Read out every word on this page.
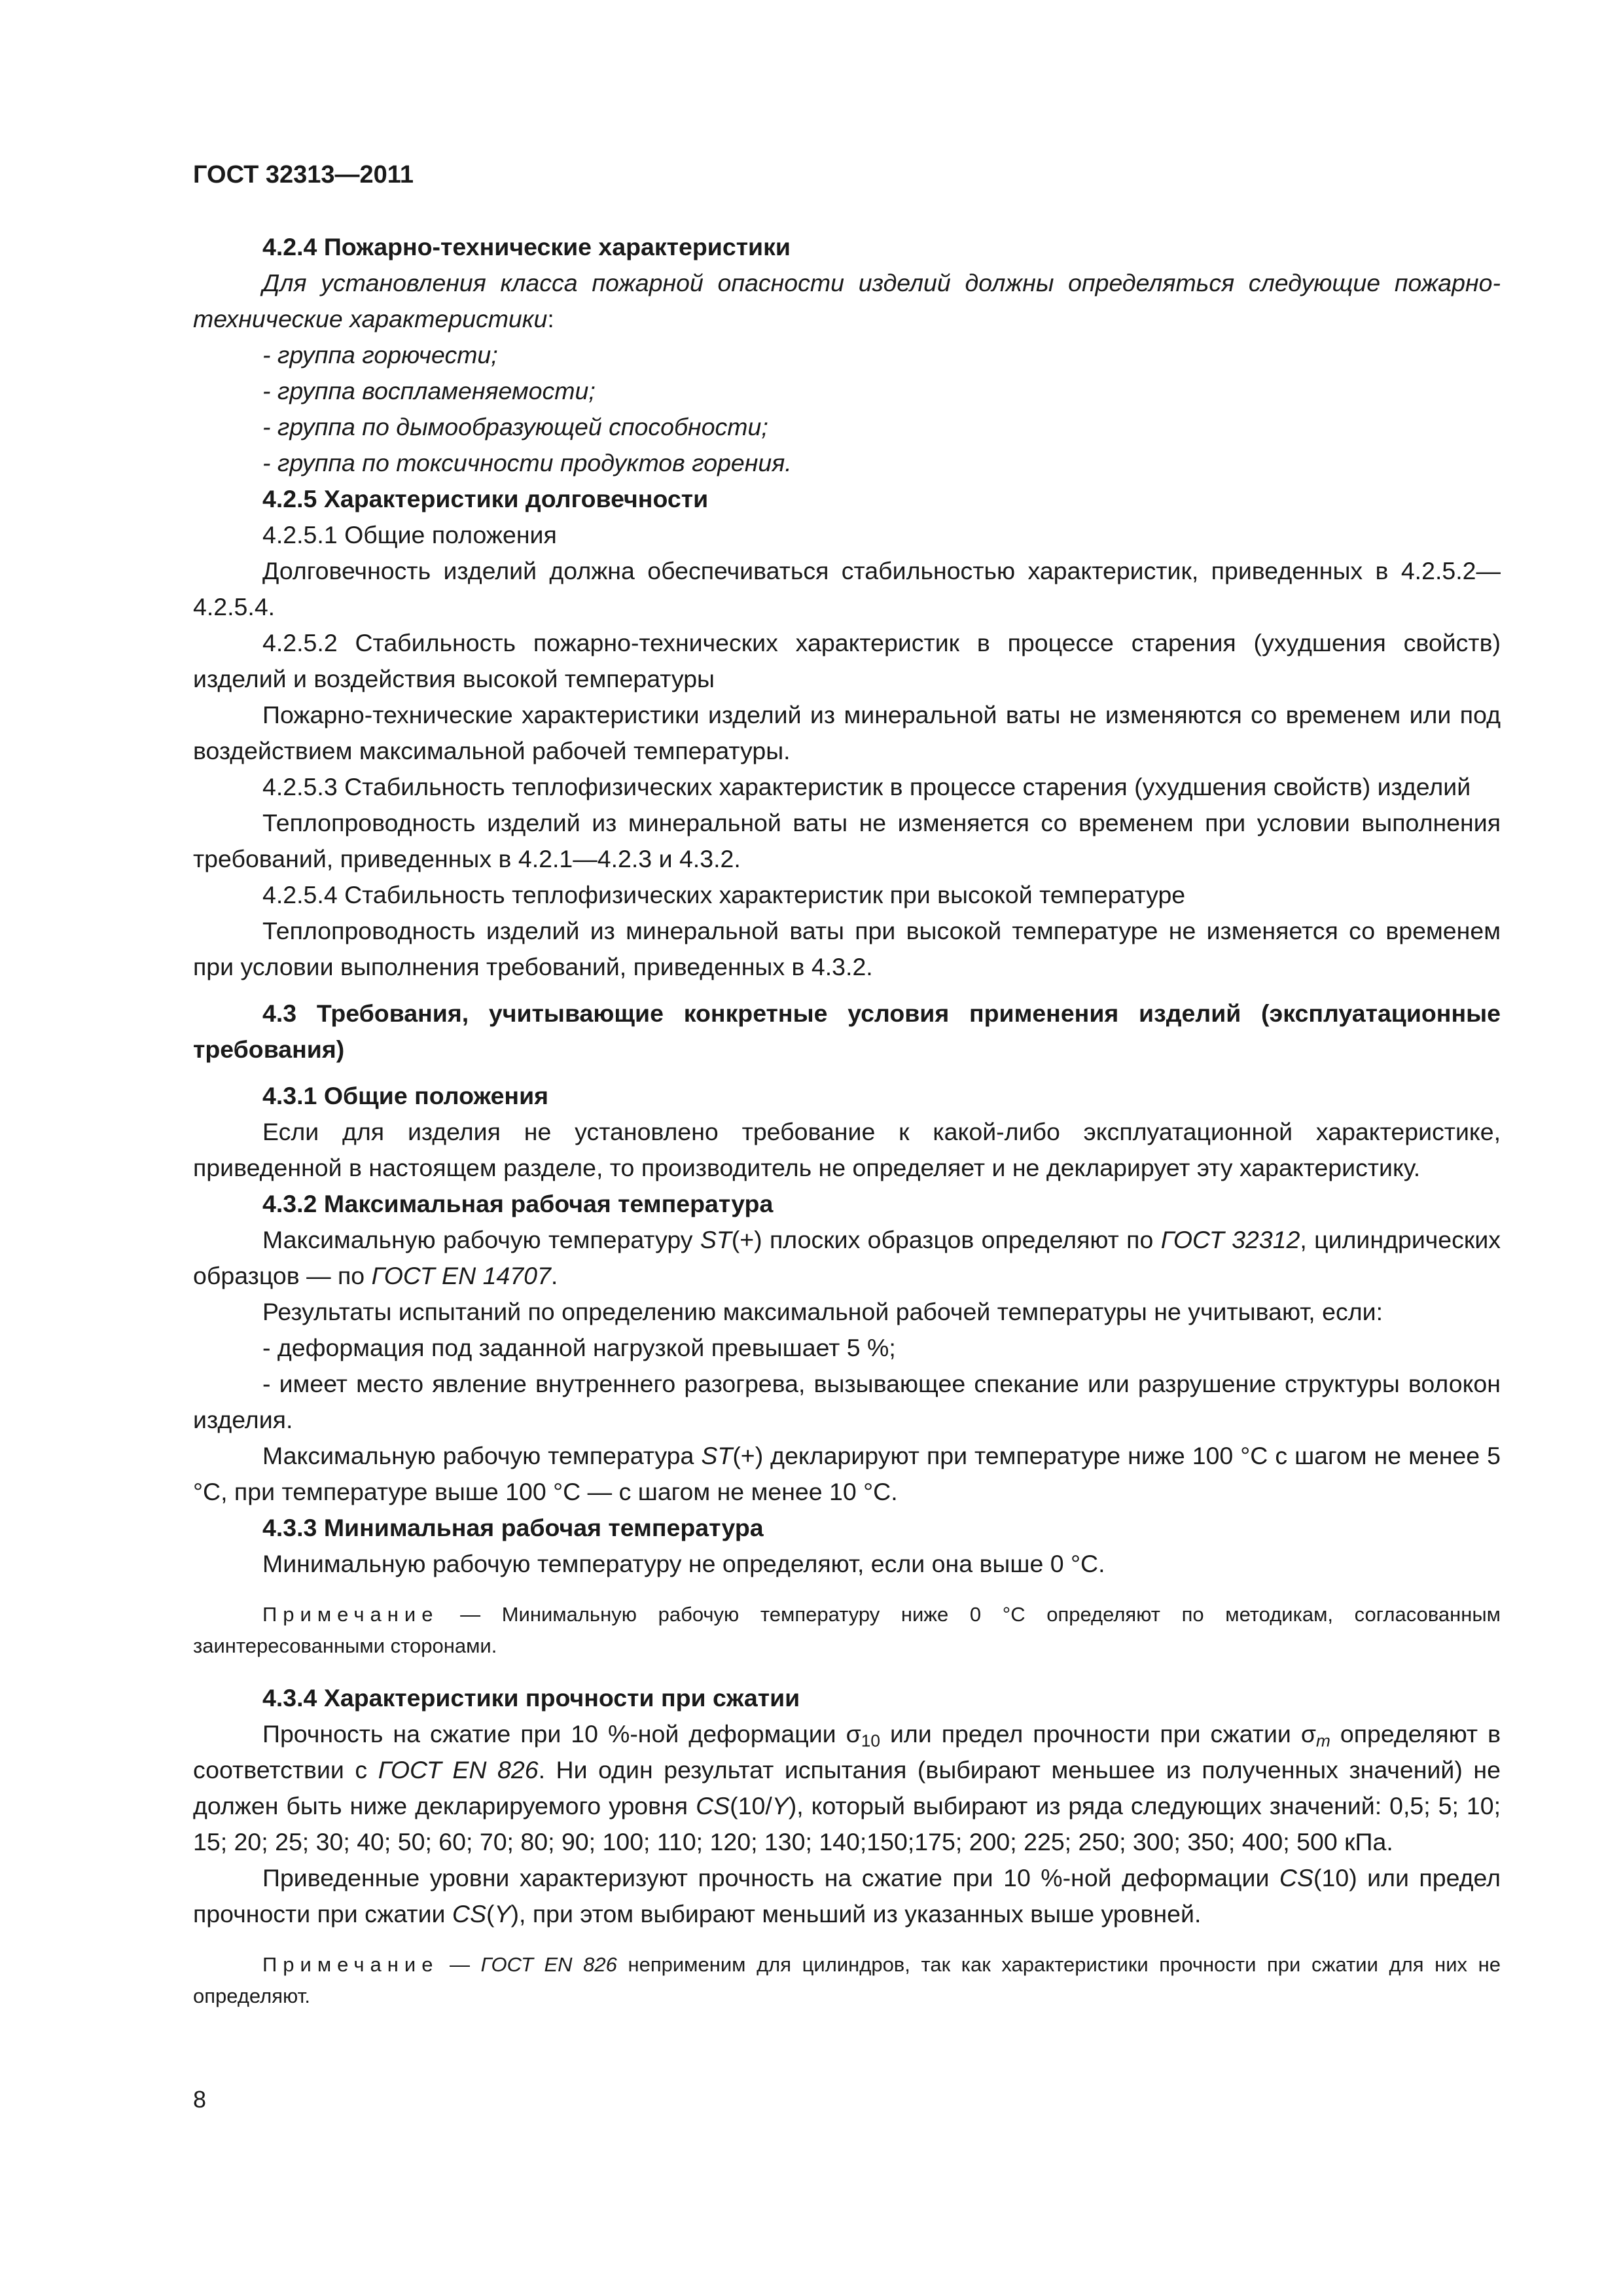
ГОСТ 32313—2011

4.2.4 Пожарно-технические характеристики

Для установления класса пожарной опасности изделий должны определяться следующие пожарно-технические характеристики:

- группа горючести;

- группа воспламеняемости;

- группа по дымообразующей способности;

- группа по токсичности продуктов горения.

4.2.5 Характеристики долговечности

4.2.5.1 Общие положения

Долговечность изделий должна обеспечиваться стабильностью характеристик, приведенных в 4.2.5.2—4.2.5.4.

4.2.5.2 Стабильность пожарно-технических характеристик в процессе старения (ухудшения свойств) изделий и воздействия высокой температуры

Пожарно-технические характеристики изделий из минеральной ваты не изменяются со временем или под воздействием максимальной рабочей температуры.

4.2.5.3 Стабильность теплофизических характеристик в процессе старения (ухудшения свойств) изделий

Теплопроводность изделий из минеральной ваты не изменяется со временем при условии выполнения требований, приведенных в 4.2.1—4.2.3 и 4.3.2.

4.2.5.4 Стабильность теплофизических характеристик при высокой температуре

Теплопроводность изделий из минеральной ваты при высокой температуре не изменяется со временем при условии выполнения требований, приведенных в 4.3.2.

4.3 Требования, учитывающие конкретные условия применения изделий (эксплуатационные требования)

4.3.1 Общие положения

Если для изделия не установлено требование к какой-либо эксплуатационной характеристике, приведенной в настоящем разделе, то производитель не определяет и не декларирует эту характеристику.

4.3.2 Максимальная рабочая температура

Максимальную рабочую температуру ST(+) плоских образцов определяют по ГОСТ 32312, цилиндрических образцов — по ГОСТ EN 14707.

Результаты испытаний по определению максимальной рабочей температуры не учитывают, если:

- деформация под заданной нагрузкой превышает 5 %;

- имеет место явление внутреннего разогрева, вызывающее спекание или разрушение структуры волокон изделия.

Максимальную рабочую температура ST(+) декларируют при температуре ниже 100 °С с шагом не менее 5 °С, при температуре выше 100 °С — с шагом не менее 10 °С.

4.3.3 Минимальная рабочая температура

Минимальную рабочую температуру не определяют, если она выше 0 °С.

Примечание — Минимальную рабочую температуру ниже 0 °С определяют по методикам, согласованным заинтересованными сторонами.

4.3.4 Характеристики прочности при сжатии

Прочность на сжатие при 10 %-ной деформации $\sigma_{10}$ или предел прочности при сжатии $\sigma_m$ определяют в соответствии с ГОСТ EN 826. Ни один результат испытания (выбирают меньшее из полученных значений) не должен быть ниже декларируемого уровня CS(10/Y), который выбирают из ряда следующих значений: 0,5; 5; 10; 15; 20; 25; 30; 40; 50; 60; 70; 80; 90; 100; 110; 120; 130; 140;150;175; 200; 225; 250; 300; 350; 400; 500 кПа.

Приведенные уровни характеризуют прочность на сжатие при 10 %-ной деформации CS(10) или предел прочности при сжатии CS(Y), при этом выбирают меньший из указанных выше уровней.

Примечание — ГОСТ EN 826 неприменим для цилиндров, так как характеристики прочности при сжатии для них не определяют.

8
